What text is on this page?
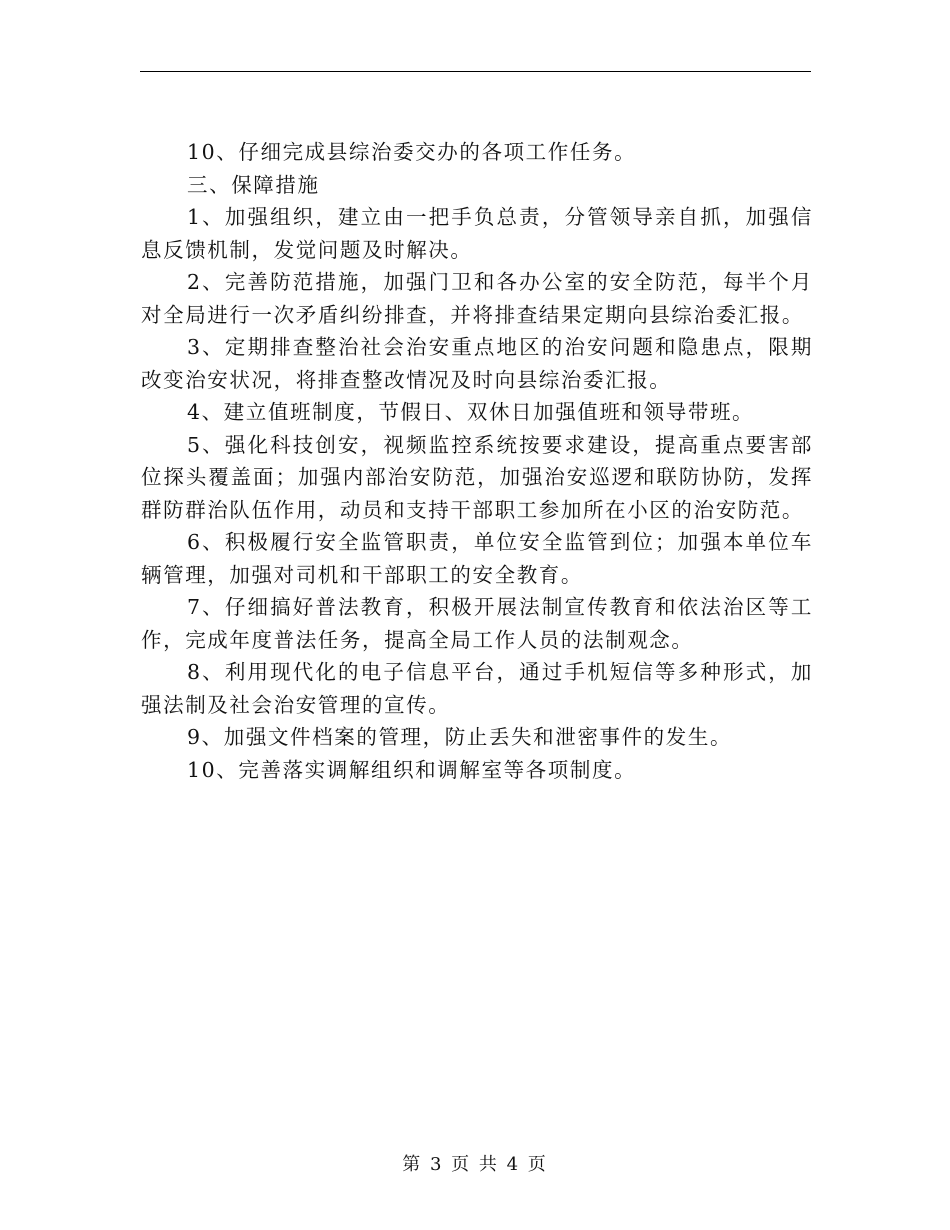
10、仔细完成县综治委交办的各项工作任务。

三、保障措施

1、加强组织，建立由一把手负总责，分管领导亲自抓，加强信息反馈机制，发觉问题及时解决。

2、完善防范措施，加强门卫和各办公室的安全防范，每半个月对全局进行一次矛盾纠纷排查，并将排查结果定期向县综治委汇报。

3、定期排查整治社会治安重点地区的治安问题和隐患点，限期改变治安状况，将排查整改情况及时向县综治委汇报。

4、建立值班制度，节假日、双休日加强值班和领导带班。

5、强化科技创安，视频监控系统按要求建设，提高重点要害部位探头覆盖面；加强内部治安防范，加强治安巡逻和联防协防，发挥群防群治队伍作用，动员和支持干部职工参加所在小区的治安防范。

6、积极履行安全监管职责，单位安全监管到位；加强本单位车辆管理，加强对司机和干部职工的安全教育。

7、仔细搞好普法教育，积极开展法制宣传教育和依法治区等工作，完成年度普法任务，提高全局工作人员的法制观念。

8、利用现代化的电子信息平台，通过手机短信等多种形式，加强法制及社会治安管理的宣传。

9、加强文件档案的管理，防止丢失和泄密事件的发生。

10、完善落实调解组织和调解室等各项制度。

第 3 页 共 4 页
